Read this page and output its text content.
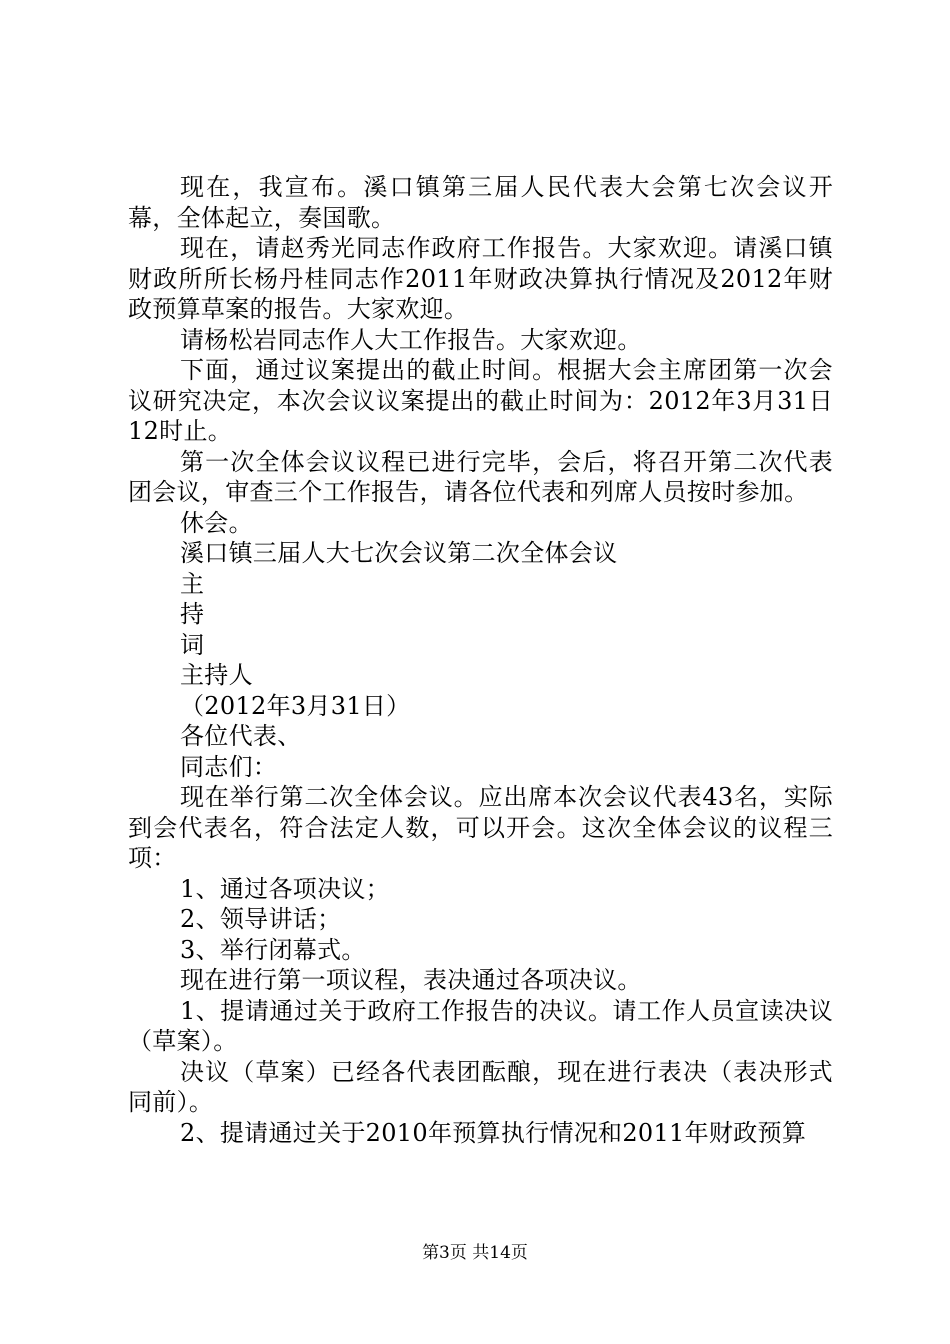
现在，我宣布。溪口镇第三届人民代表大会第七次会议开幕，全体起立，奏国歌。

现在，请赵秀光同志作政府工作报告。大家欢迎。请溪口镇财政所所长杨丹桂同志作2011年财政决算执行情况及2012年财政预算草案的报告。大家欢迎。

请杨松岩同志作人大工作报告。大家欢迎。

下面，通过议案提出的截止时间。根据大会主席团第一次会议研究决定，本次会议议案提出的截止时间为：2012年3月31日12时止。

第一次全体会议议程已进行完毕，会后，将召开第二次代表团会议，审查三个工作报告，请各位代表和列席人员按时参加。

休会。

溪口镇三届人大七次会议第二次全体会议

主

持

词

主持人

（2012年3月31日）

各位代表、

同志们：

现在举行第二次全体会议。应出席本次会议代表43名，实际到会代表名，符合法定人数，可以开会。这次全体会议的议程三项：

1、通过各项决议；

2、领导讲话；

3、举行闭幕式。

现在进行第一项议程，表决通过各项决议。

1、提请通过关于政府工作报告的决议。请工作人员宣读决议（草案）。

决议（草案）已经各代表团酝酿，现在进行表决（表决形式同前）。

2、提请通过关于2010年预算执行情况和2011年财政预算

第3页 共14页
